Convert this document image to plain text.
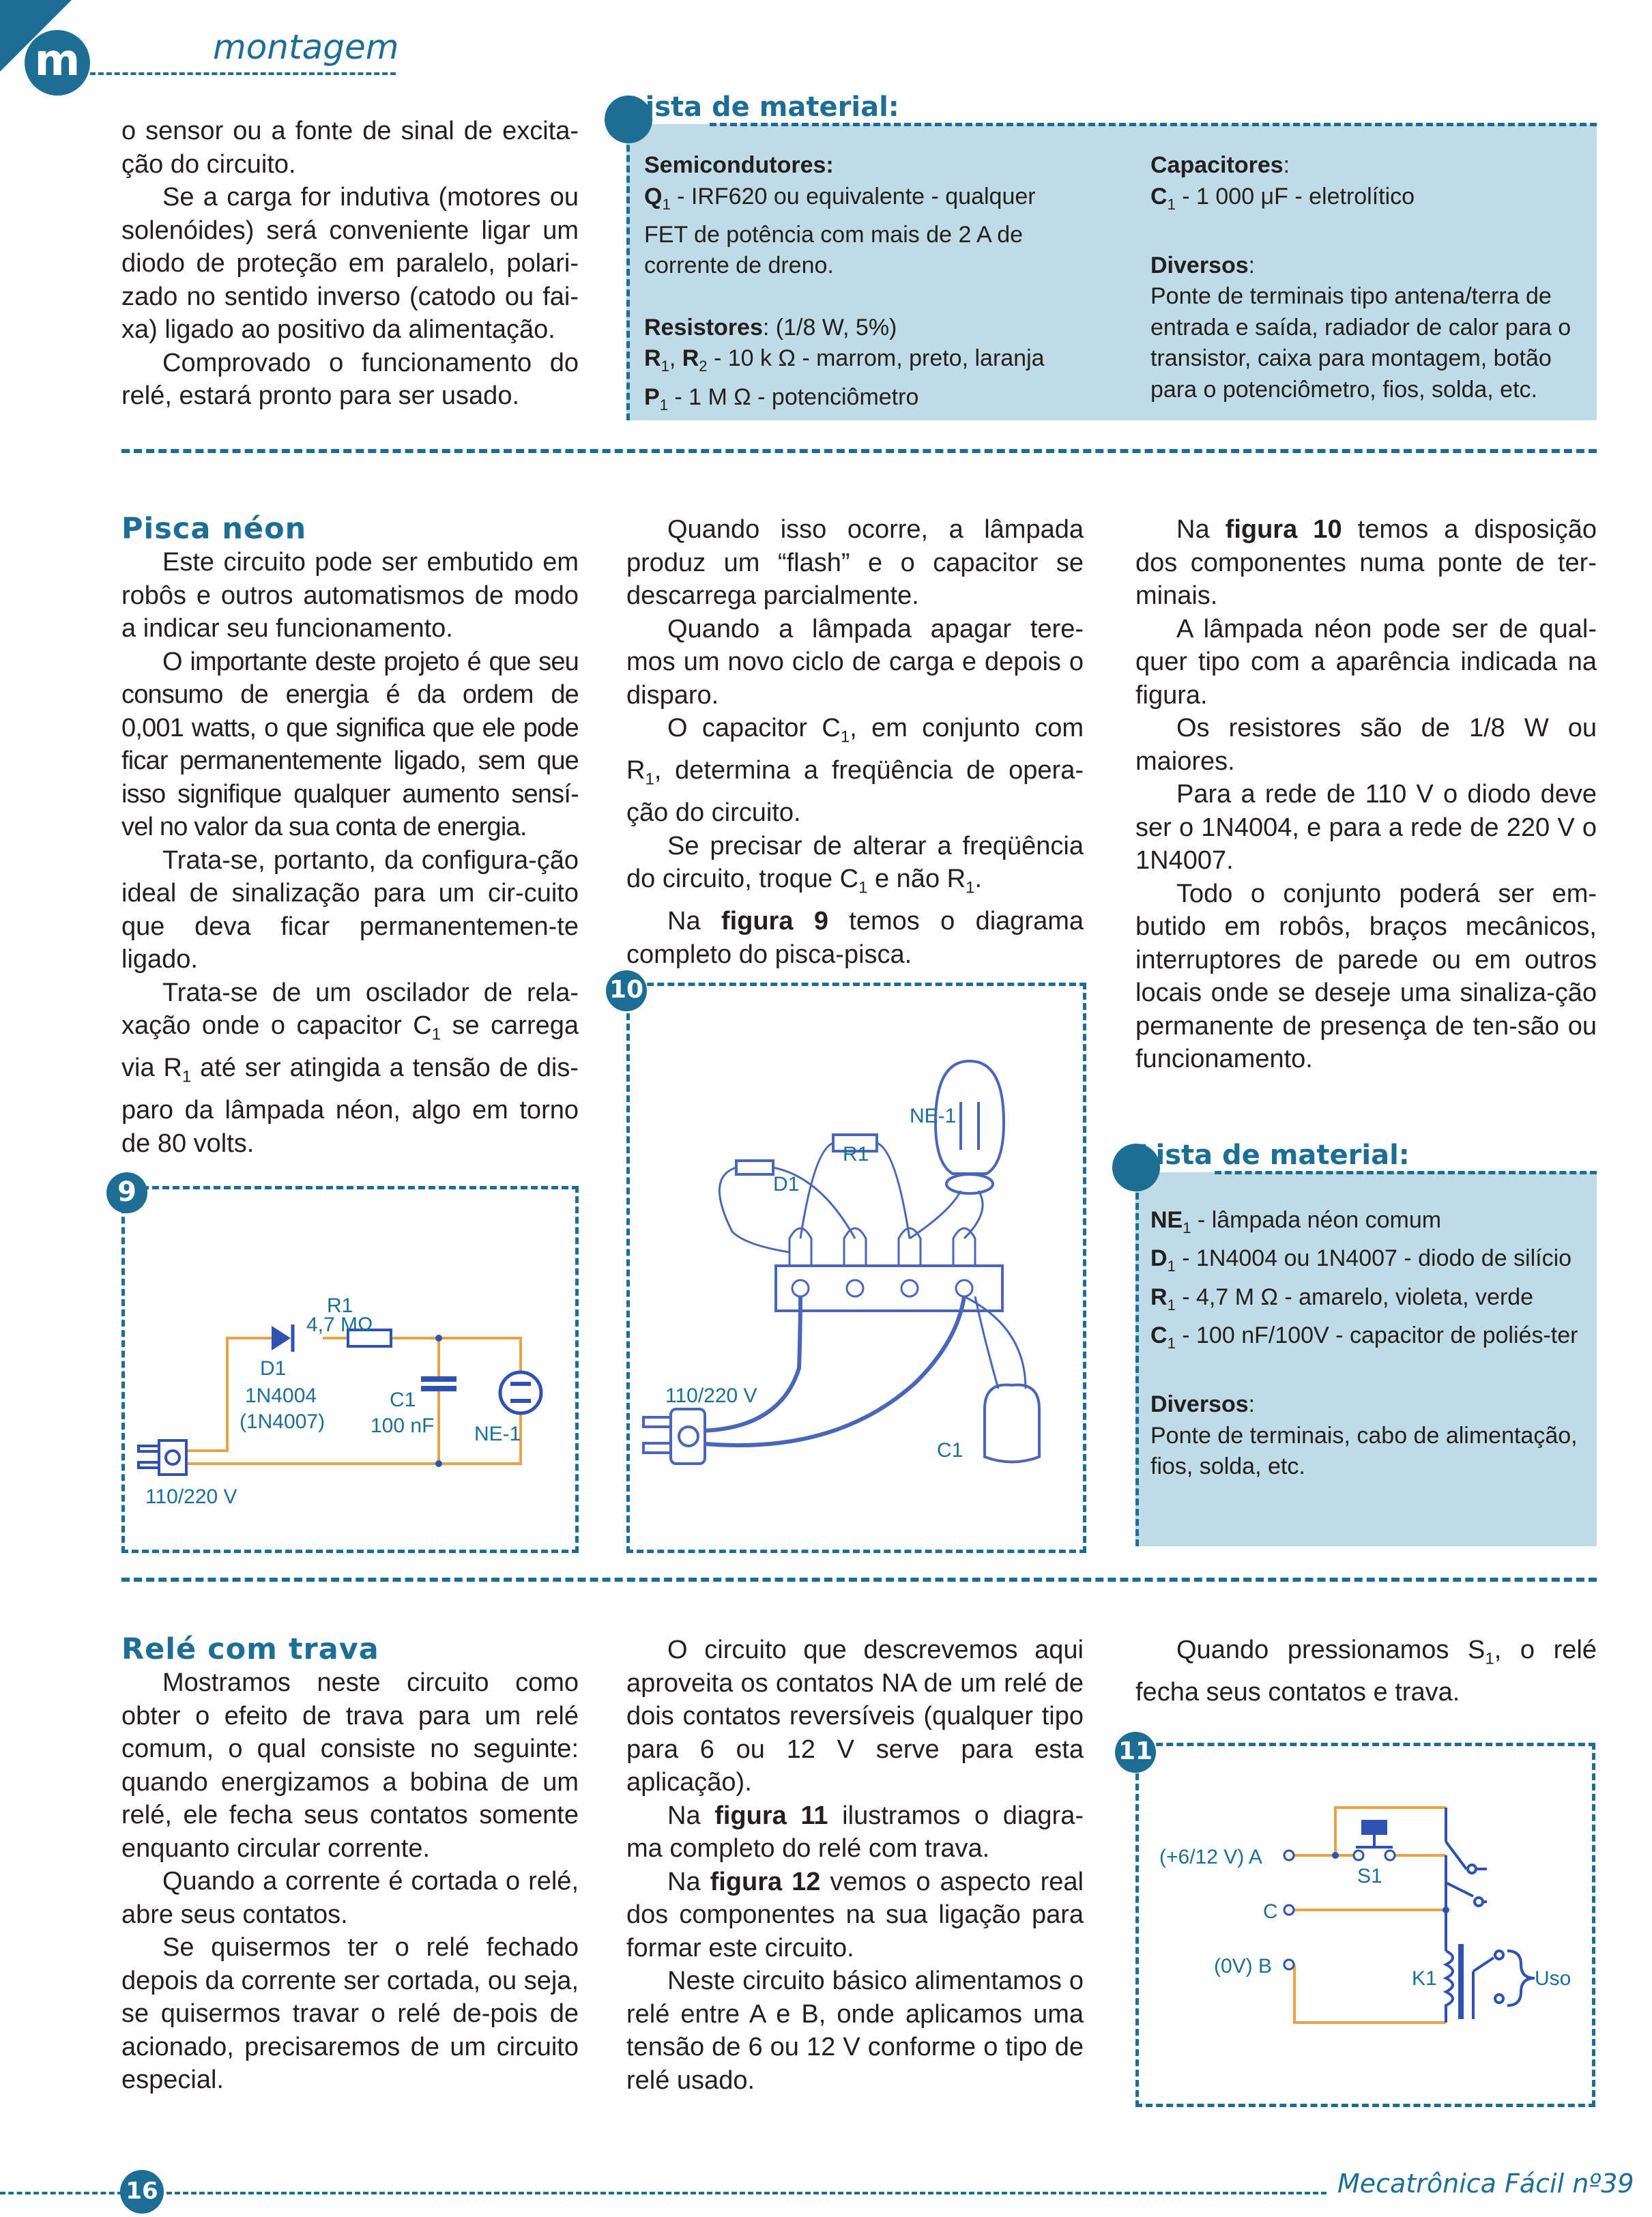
m	montagem

o sensor ou a fonte de sinal de excita-ção do circuito.

Se a carga for indutiva (motores ou solenóides) será conveniente ligar um diodo de proteção em paralelo, polari-zado no sentido inverso (catodo ou fai-xa) ligado ao positivo da alimentação.

Comprovado o funcionamento do relé, estará pronto para ser usado.

Lista de material:
Semicondutores:
$Q_1 - IRF620$ ou equivalente - qualquer FET de potência com mais de 2 A de corrente de dreno.
Resistores: (1/8 W, 5%)
$R_1$, $R_2 - 10$ k Ω - marrom, preto, laranja
$P_1 - 1$ M Ω - potenciômetro
Capacitores:
$C_1 - 1$ 000 μF - eletrolítico
Diversos:
Ponte de terminais tipo antena/terra de entrada e saída, radiador de calor para o transistor, caixa para montagem, botão para o potenciômetro, fios, solda, etc.
Pisca néon

Este circuito pode ser embutido em robôs e outros automatismos de modo a indicar seu funcionamento.

O importante deste projeto é que seu consumo de energia é da ordem de 0,001 watts, o que significa que ele pode ficar permanentemente ligado, sem que isso signifique qualquer aumento sensí-vel no valor da sua conta de energia.

Trata-se, portanto, da configura-ção ideal de sinalização para um cir-cuito que deva ficar permanentemen-te ligado.

Trata-se de um oscilador de rela-xação onde o capacitor $C_1$ se carrega via $R_1$ até ser atingida a tensão de dis-paro da lâmpada néon, algo em torno de 80 volts.

Quando isso ocorre, a lâmpada produz um “flash” e o capacitor se descarrega parcialmente.

Quando a lâmpada apagar tere-mos um novo ciclo de carga e depois o disparo.

O capacitor $C_1$, em conjunto com $R_1$, determina a freqüência de opera-ção do circuito.

Se precisar de alterar a freqüência do circuito, troque $C_1$ e não $R_1$.

Na figura 9 temos o diagrama completo do pisca-pisca.

Na figura 10 temos a disposição dos componentes numa ponte de ter-minais.

A lâmpada néon pode ser de qual-quer tipo com a aparência indicada na figura.

Os resistores são de 1/8 W ou maiores.

Para a rede de 110 V o diodo deve ser o 1N4004, e para a rede de 220 V o 1N4007.

Todo o conjunto poderá ser em-butido em robôs, braços mecânicos, interruptores de parede ou em outros locais onde se deseje uma sinaliza-ção permanente de presença de ten-são ou funcionamento.

9
R1
4,7 MΩ
D1
1N4004
(1N4007)
C1
100 nF NE-1
110/220 V
10
NE-1
R1
D1
110/220 V
C1
Lista de material:
$NE_1$ - lâmpada néon comum
$D_1 - 1N4004$ ou 1N4007 - diodo de silício
$R_1 - 4,7$ M Ω - amarelo, violeta, verde
$C_1 - 100$ nF/100V - capacitor de poliés-ter
Diversos:
Ponte de terminais, cabo de alimentação, fios, solda, etc.
Relé com trava

Mostramos neste circuito como obter o efeito de trava para um relé comum, o qual consiste no seguinte: quando energizamos a bobina de um relé, ele fecha seus contatos somente enquanto circular corrente.

Quando a corrente é cortada o relé, abre seus contatos.

Se quisermos ter o relé fechado depois da corrente ser cortada, ou seja, se quisermos travar o relé de-pois de acionado, precisaremos de um circuito especial.

O circuito que descrevemos aqui aproveita os contatos NA de um relé de dois contatos reversíveis (qualquer tipo para 6 ou 12 V serve para esta aplicação).

Na figura 11 ilustramos o diagra-ma completo do relé com trava.

Na figura 12 vemos o aspecto real dos componentes na sua ligação para formar este circuito.

Neste circuito básico alimentamos o relé entre A e B, onde aplicamos uma tensão de 6 ou 12 V conforme o tipo de relé usado.

Quando pressionamos $S_1$, o relé fecha seus contatos e trava.

11
(+6/12 V) A
C
(0V) B
S1
K1	Uso
16	Mecatrônica Fácil nº39
